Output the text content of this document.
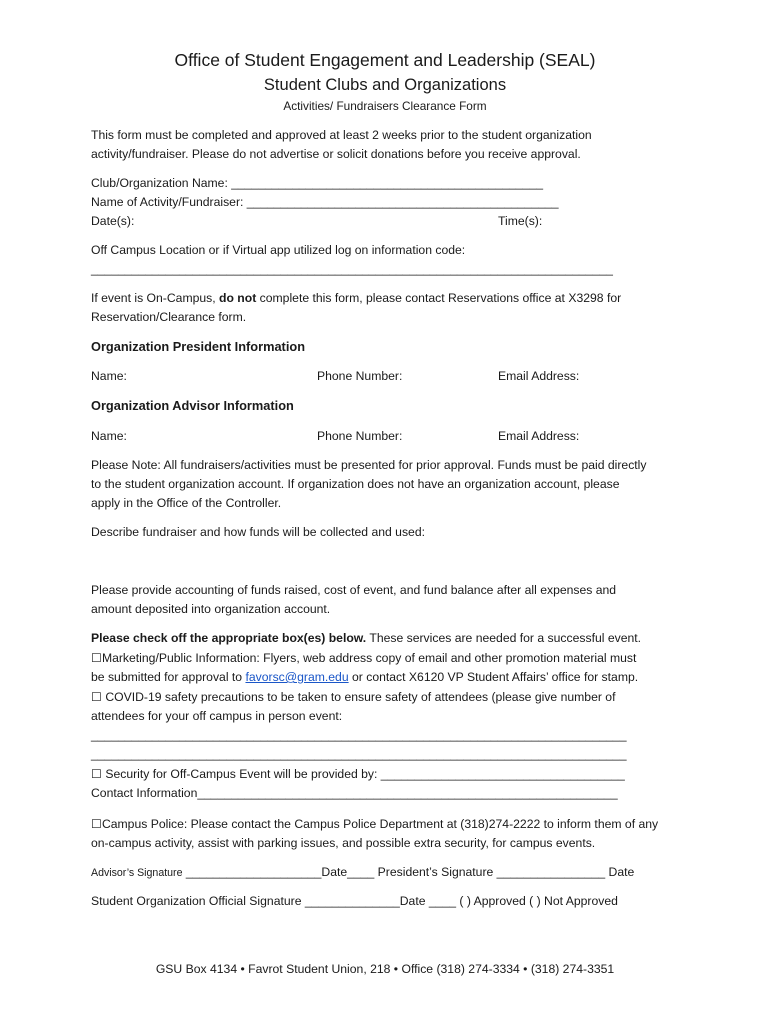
Office of Student Engagement and Leadership (SEAL)
Student Clubs and Organizations
Activities/ Fundraisers Clearance Form
This form must be completed and approved at least 2 weeks prior to the student organization
activity/fundraiser. Please do not advertise or solicit donations before you receive approval.
Club/Organization Name: ______________________________________________
Name of Activity/Fundraiser: ______________________________________________
Date(s):	Time(s):
Off Campus Location or if Virtual app utilized log on information code:
_____________________________________________________________________________
If event is On-Campus, do not complete this form, please contact Reservations office at X3298 for
Reservation/Clearance form.
Organization President Information
Name:	Phone Number:	Email Address:
Organization Advisor Information
Name:	Phone Number:	Email Address:
Please Note: All fundraisers/activities must be presented for prior approval. Funds must be paid directly
to the student organization account. If organization does not have an organization account, please
apply in the Office of the Controller.
Describe fundraiser and how funds will be collected and used:
Please provide accounting of funds raised, cost of event, and fund balance after all expenses and
amount deposited into organization account.
Please check off the appropriate box(es) below. These services are needed for a successful event.
☐Marketing/Public Information: Flyers, web address copy of email and other promotion material must
be submitted for approval to favorsc@gram.edu or contact X6120 VP Student Affairs’ office for stamp.
☐ COVID-19 safety precautions to be taken to ensure safety of attendees (please give number of
attendees for your off campus in person event:
_______________________________________________________________________________
_______________________________________________________________________________
☐ Security for Off-Campus Event will be provided by: ____________________________________
Contact Information______________________________________________________________
☐Campus Police: Please contact the Campus Police Department at (318)274-2222 to inform them of any
on-campus activity, assist with parking issues, and possible extra security, for campus events.
Advisor’s Signature ____________________Date____ President’s Signature ________________ Date
Student Organization Official Signature ______________Date ____ ( ) Approved ( ) Not Approved
GSU Box 4134 • Favrot Student Union, 218 • Office (318) 274-3334 • (318) 274-3351
